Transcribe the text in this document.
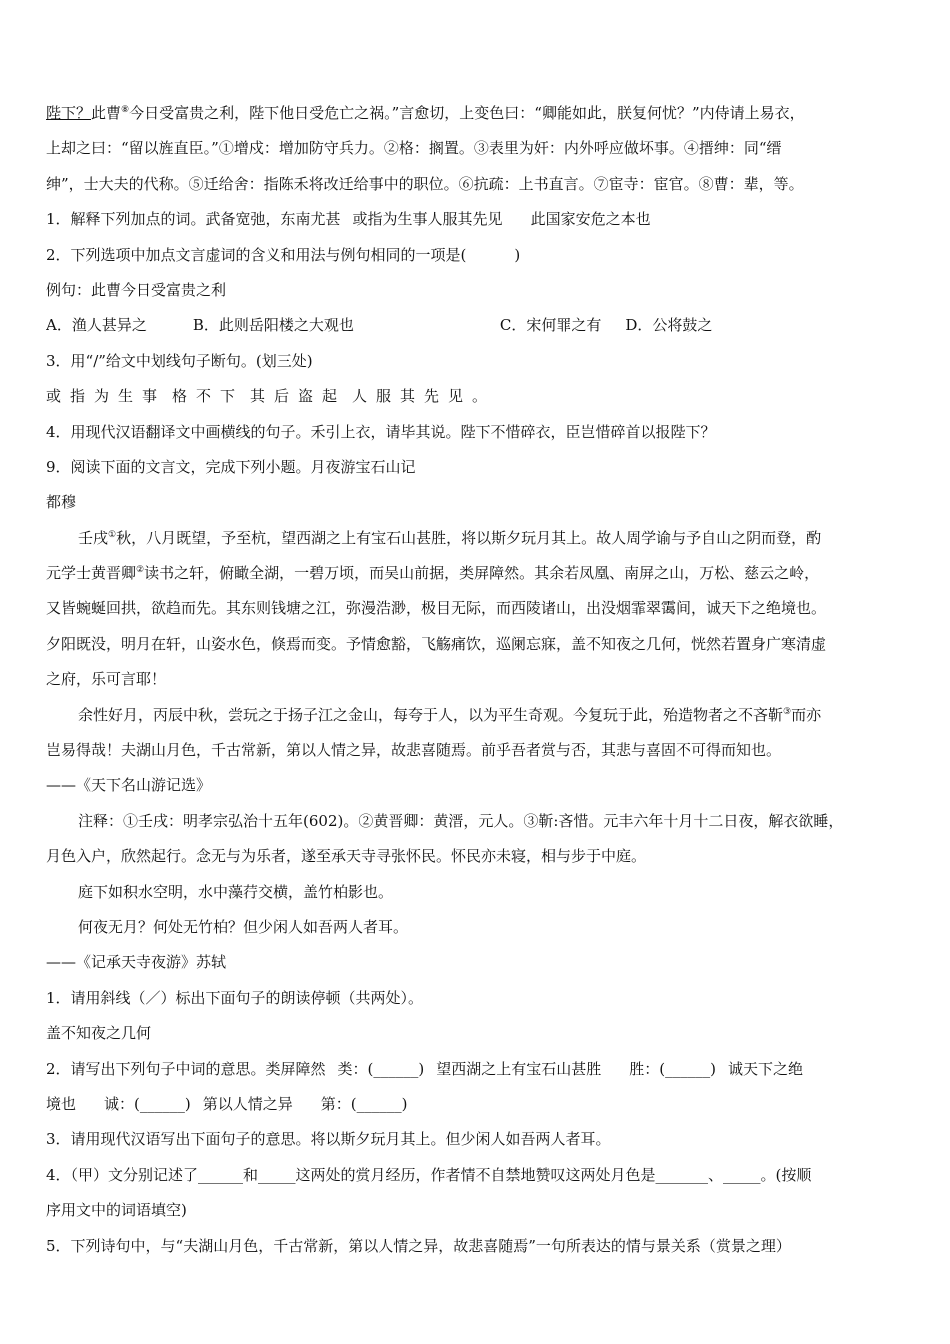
陛下？此曹⑧今日受富贵之利，陛下他日受危亡之祸。”言愈切，上变色曰：“卿能如此，朕复何忧？”内侍请上易衣，
上却之曰：“留以旌直臣。”①增戍：增加防守兵力。②格：搁置。③表里为奸：内外呼应做坏事。④搢绅：同“缙
绅”，士大夫的代称。⑤迁给舍：指陈禾将改迁给事中的职位。⑥抗疏：上书直言。⑦宦寺：宦官。⑧曹：辈，等。
1．解释下列加点的词。武备宽弛，东南尤甚 或指为生事人服其先见 此国家安危之本也
2．下列选项中加点文言虚词的含义和用法与例句相同的一项是(	)
例句：此曹今日受富贵之利
A．渔人甚异之	B．此则岳阳楼之大观也	C．宋何罪之有 D．公将鼓之
3．用“/”给文中划线句子断句。(划三处)
或指为生事 格不下 其后盗起 人服其先见。
4．用现代汉语翻译文中画横线的句子。禾引上衣，请毕其说。陛下不惜碎衣，臣岂惜碎首以报陛下？
9．阅读下面的文言文，完成下列小题。月夜游宝石山记
都穆
壬戌①秋，八月既望，予至杭，望西湖之上有宝石山甚胜，将以斯夕玩月其上。故人周学谕与予自山之阴而登，酌
元学士黄晋卿②读书之轩，俯瞰全湖，一碧万顷，而吴山前据，类屏障然。其余若凤凰、南屏之山，万松、慈云之岭，
又皆蜿蜒回拱，欲趋而先。其东则钱塘之江，弥漫浩渺，极目无际，而西陵诸山，出没烟霏翠霭间，诚天下之绝境也。
夕阳既没，明月在轩，山姿水色，倏焉而变。予情愈豁，飞觞痛饮，巡阑忘寐，盖不知夜之几何，恍然若置身广寒清虚
之府，乐可言耶！
余性好月，丙辰中秋，尝玩之于扬子江之金山，每夸于人，以为平生奇观。今复玩于此，殆造物者之不吝靳③而亦
岂易得哉！夫湖山月色，千古常新，第以人情之异，故悲喜随焉。前乎吾者赏与否，其悲与喜固不可得而知也。
——《天下名山游记选》
注释：①壬戌：明孝宗弘治十五年(602)。②黄晋卿：黄溍，元人。③靳:吝惜。元丰六年十月十二日夜，解衣欲睡，
月色入户，欣然起行。念无与为乐者，遂至承天寺寻张怀民。怀民亦未寝，相与步于中庭。
庭下如积水空明，水中藻荇交横，盖竹柏影也。
何夜无月？何处无竹柏？但少闲人如吾两人者耳。
——《记承天寺夜游》苏轼
1．请用斜线（／）标出下面句子的朗读停顿（共两处）。
盖不知夜之几何
2．请写出下列句子中词的意思。类屏障然 类：(______) 望西湖之上有宝石山甚胜 胜：(______) 诚天下之绝
境也 诚：(______) 第以人情之异 第：(______)
3．请用现代汉语写出下面句子的意思。将以斯夕玩月其上。但少闲人如吾两人者耳。
4．（甲）文分别记述了______和_____这两处的赏月经历，作者情不自禁地赞叹这两处月色是_______、_____。(按顺
序用文中的词语填空)
5．下列诗句中，与“夫湖山月色，千古常新，第以人情之异，故悲喜随焉”一句所表达的情与景关系（赏景之理）
